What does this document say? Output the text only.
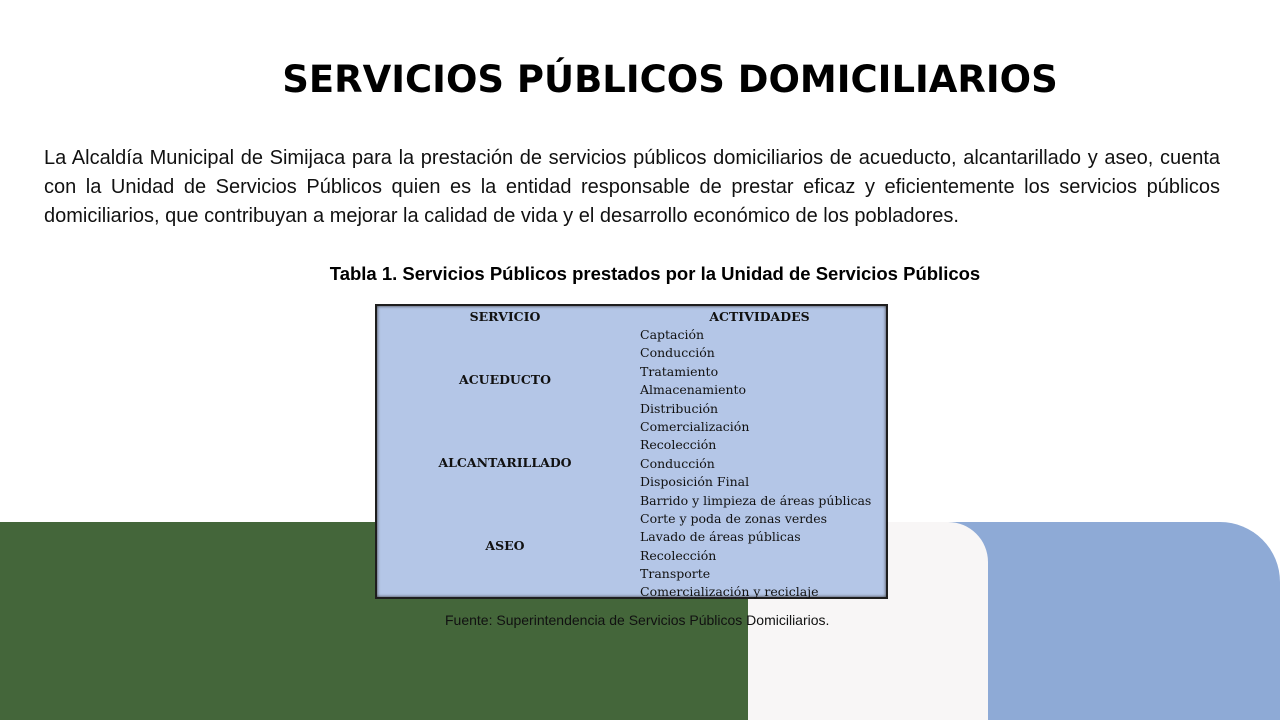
SERVICIOS PÚBLICOS DOMICILIARIOS

La Alcaldía Municipal de Simijaca para la prestación de servicios públicos domiciliarios de acueducto, alcantarillado y aseo, cuenta con la Unidad de Servicios Públicos quien es la entidad responsable de prestar eficaz y eficientemente los servicios públicos domiciliarios, que contribuyan a mejorar la calidad de vida y el desarrollo económico de los pobladores.

Tabla 1. Servicios Públicos prestados por la Unidad de Servicios Públicos

SERVICIO	ACTIVIDADES
ACUEDUCTO
ALCANTARILLADO
ASEO
Captación
Conducción
Tratamiento
Almacenamiento
Distribución
Comercialización
Recolección
Conducción
Disposición Final
Barrido y limpieza de áreas públicas
Corte y poda de zonas verdes
Lavado de áreas públicas
Recolección
Transporte
Comercialización y reciclaje

Fuente: Superintendencia de Servicios Públicos Domiciliarios.
